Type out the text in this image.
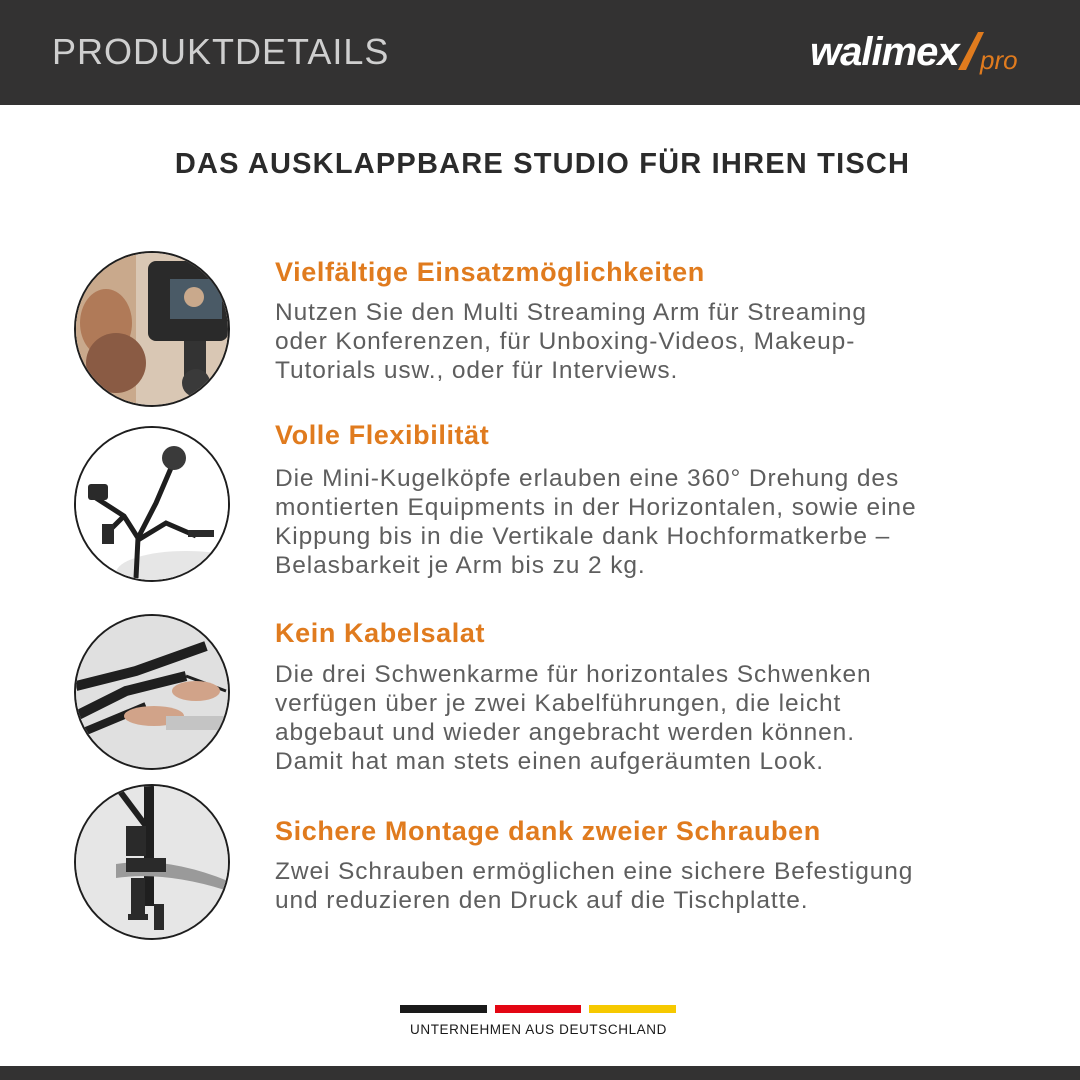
PRODUKTDETAILS	walimex pro
DAS AUSKLAPPBARE STUDIO FÜR IHREN TISCH
Vielfältige Einsatzmöglichkeiten
Nutzen Sie den Multi Streaming Arm für Streaming
oder Konferenzen, für Unboxing-Videos, Makeup-
Tutorials usw., oder für Interviews.
Volle Flexibilität
Die Mini-Kugelköpfe erlauben eine 360° Drehung des
montierten Equipments in der Horizontalen, sowie eine
Kippung bis in die Vertikale dank Hochformatkerbe –
Belasbarkeit je Arm bis zu 2 kg.
Kein Kabelsalat
Die drei Schwenkarme für horizontales Schwenken
verfügen über je zwei Kabelführungen, die leicht
abgebaut und wieder angebracht werden können.
Damit hat man stets einen aufgeräumten Look.
Sichere Montage dank zweier Schrauben
Zwei Schrauben ermöglichen eine sichere Befestigung
und reduzieren den Druck auf die Tischplatte.
UNTERNEHMEN AUS DEUTSCHLAND
